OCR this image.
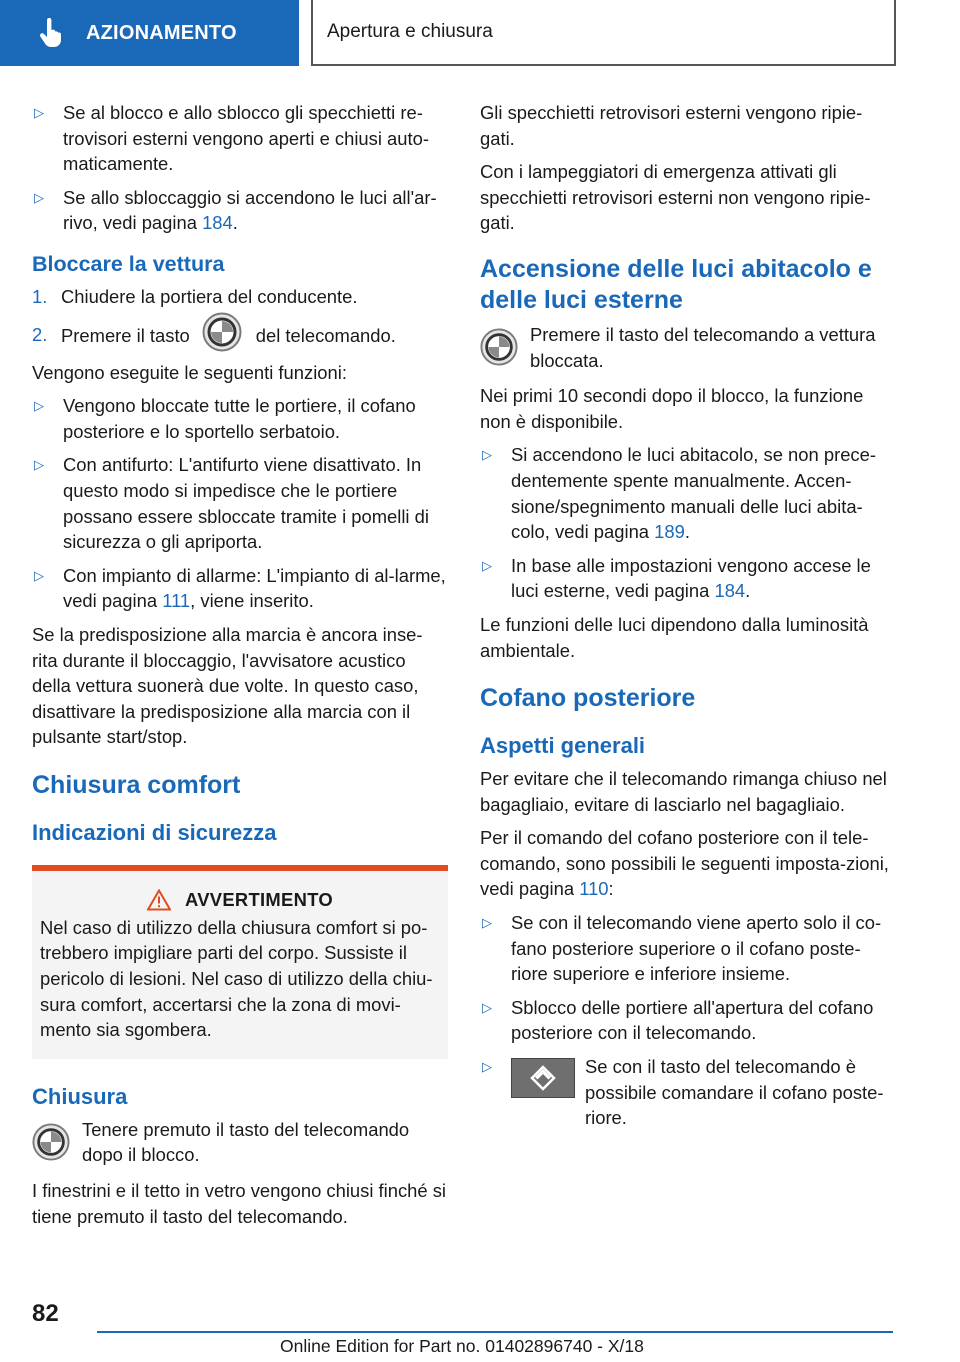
AZIONAMENTO	Apertura e chiusura
▷	Se al blocco e allo sblocco gli specchietti re-trovisori esterni vengono aperti e chiusi auto-maticamente.
▷	Se allo sbloccaggio si accendono le luci all'ar-rivo, vedi pagina 184.
Bloccare la vettura
1. Chiudere la portiera del conducente.
2. Premere il tasto	del telecomando.

Vengono eseguite le seguenti funzioni:

▷	Vengono bloccate tutte le portiere, il cofano posteriore e lo sportello serbatoio.
▷	Con antifurto: L'antifurto viene disattivato. In questo modo si impedisce che le portiere possano essere sbloccate tramite i pomelli di sicurezza o gli apriporta.
▷	Con impianto di allarme: L'impianto di al-larme, vedi pagina 111, viene inserito.

Se la predisposizione alla marcia è ancora inse-rita durante il bloccaggio, l'avvisatore acustico della vettura suonerà due volte. In questo caso, disattivare la predisposizione alla marcia con il pulsante start/stop.

Chiusura comfort
Indicazioni di sicurezza
AVVERTIMENTO

Nel caso di utilizzo della chiusura comfort si po-trebbero impigliare parti del corpo. Sussiste il pericolo di lesioni. Nel caso di utilizzo della chiu-sura comfort, accertarsi che la zona di movi-mento sia sgombera.

Chiusura
Tenere premuto il tasto del telecomando dopo il blocco.

I finestrini e il tetto in vetro vengono chiusi finché si tiene premuto il tasto del telecomando.

Gli specchietti retrovisori esterni vengono ripie-gati.

Con i lampeggiatori di emergenza attivati gli specchietti retrovisori esterni non vengono ripie-gati.

Accensione delle luci abitacolo e delle luci esterne
Premere il tasto del telecomando a vettura bloccata.

Nei primi 10 secondi dopo il blocco, la funzione non è disponibile.

▷	Si accendono le luci abitacolo, se non prece-dentemente spente manualmente. Accen-sione/spegnimento manuali delle luci abita-colo, vedi pagina 189.
▷	In base alle impostazioni vengono accese le luci esterne, vedi pagina 184.

Le funzioni delle luci dipendono dalla luminosità ambientale.

Cofano posteriore
Aspetti generali

Per evitare che il telecomando rimanga chiuso nel bagagliaio, evitare di lasciarlo nel bagagliaio.

Per il comando del cofano posteriore con il tele-comando, sono possibili le seguenti imposta-zioni, vedi pagina 110:

▷	Se con il telecomando viene aperto solo il co-fano posteriore superiore o il cofano poste-riore superiore e inferiore insieme.
▷	Sblocco delle portiere all'apertura del cofano posteriore con il telecomando.
▷	Se con il tasto del telecomando è possibile comandare il cofano poste-riore.
82
Online Edition for Part no. 01402896740 - X/18
